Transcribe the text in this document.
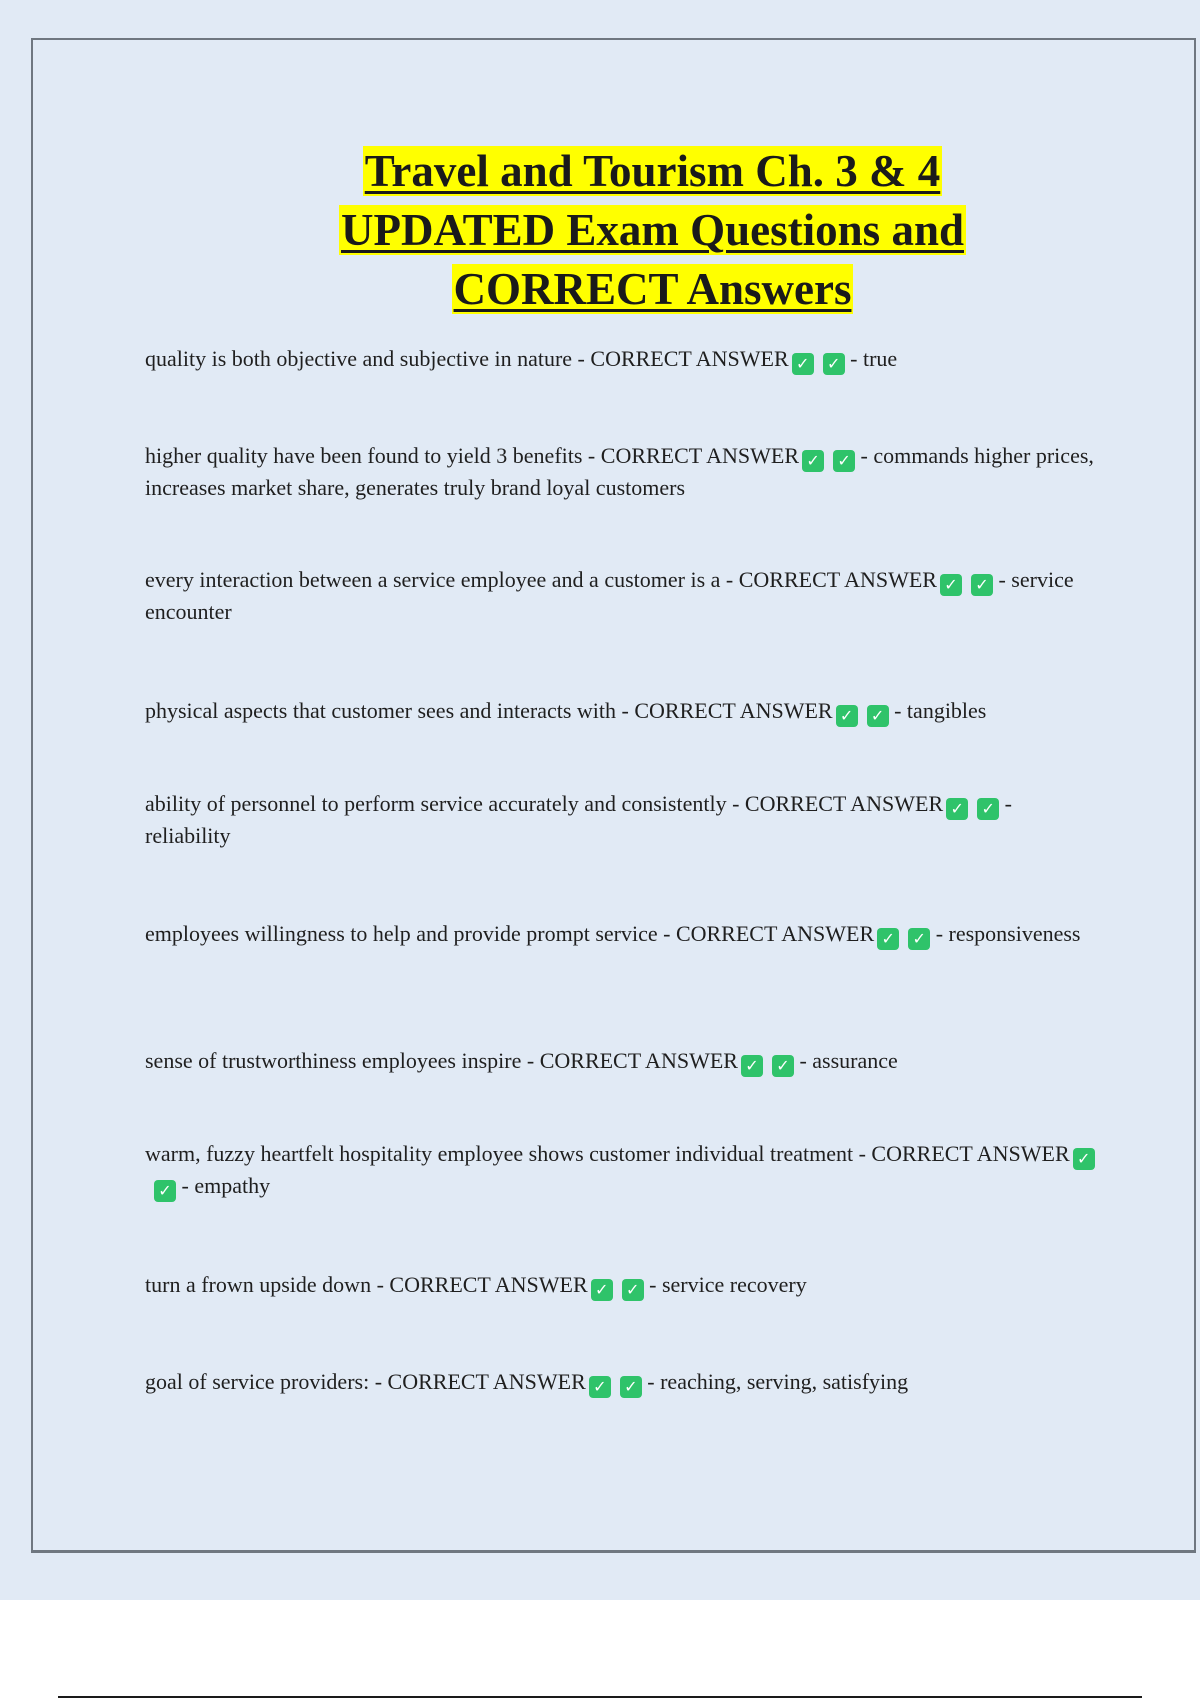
Travel and Tourism Ch. 3 & 4
UPDATED Exam Questions and
CORRECT Answers

quality is both objective and subjective in nature - CORRECT ANSWER ✓ ✓ - true

higher quality have been found to yield 3 benefits - CORRECT ANSWER ✓ ✓ - commands higher prices, increases market share, generates truly brand loyal customers

every interaction between a service employee and a customer is a - CORRECT ANSWER ✓ ✓ - service encounter

physical aspects that customer sees and interacts with - CORRECT ANSWER ✓ ✓ - tangibles

ability of personnel to perform service accurately and consistently - CORRECT ANSWER ✓ ✓ - reliability

employees willingness to help and provide prompt service - CORRECT ANSWER ✓ ✓ - responsiveness

sense of trustworthiness employees inspire - CORRECT ANSWER ✓ ✓ - assurance

warm, fuzzy heartfelt hospitality employee shows customer individual treatment - CORRECT ANSWER ✓✓ - empathy

turn a frown upside down - CORRECT ANSWER ✓ ✓ - service recovery

goal of service providers: - CORRECT ANSWER ✓ ✓ - reaching, serving, satisfying
